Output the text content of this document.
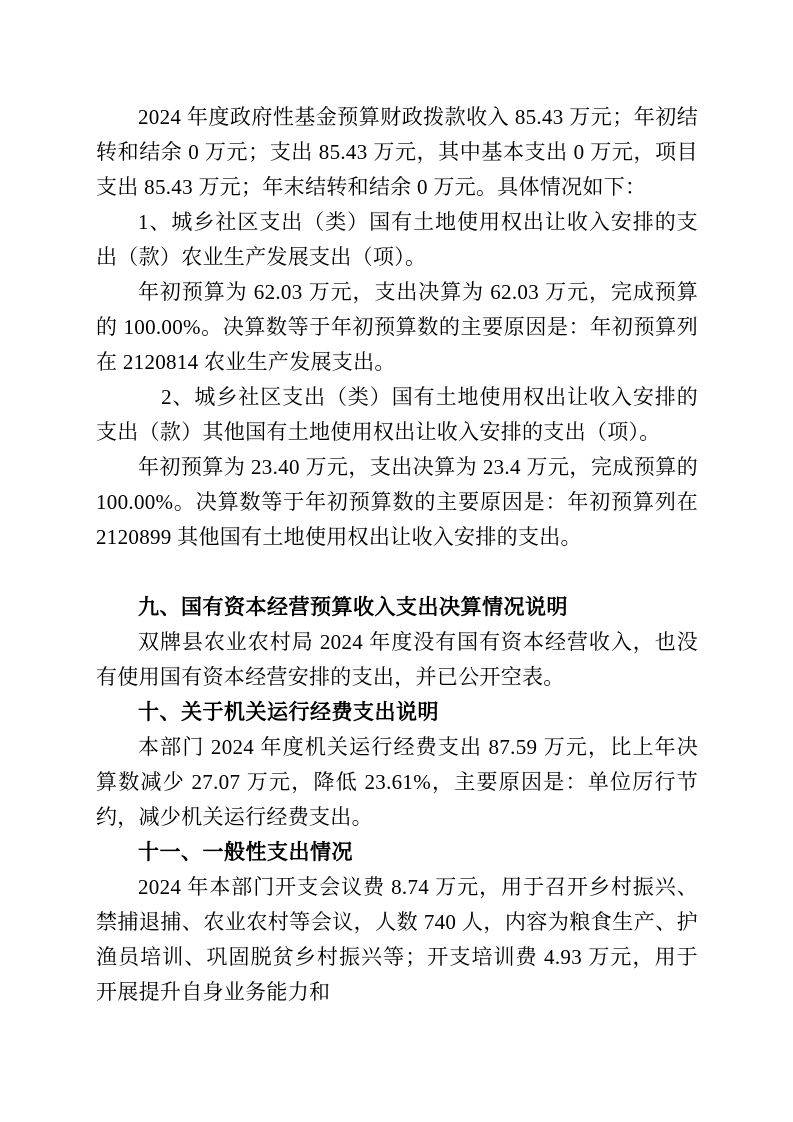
2024 年度政府性基金预算财政拨款收入 85.43 万元；年初结转和结余 0 万元；支出 85.43 万元，其中基本支出 0 万元，项目支出 85.43 万元；年末结转和结余 0 万元。具体情况如下：

1、城乡社区支出（类）国有土地使用权出让收入安排的支出（款）农业生产发展支出（项）。

年初预算为 62.03 万元，支出决算为 62.03 万元，完成预算的 100.00%。决算数等于年初预算数的主要原因是：年初预算列在 2120814 农业生产发展支出。

2、城乡社区支出（类）国有土地使用权出让收入安排的支出（款）其他国有土地使用权出让收入安排的支出（项）。

年初预算为 23.40 万元，支出决算为 23.4 万元，完成预算的 100.00%。决算数等于年初预算数的主要原因是：年初预算列在 2120899 其他国有土地使用权出让收入安排的支出。

九、国有资本经营预算收入支出决算情况说明

双牌县农业农村局 2024 年度没有国有资本经营收入，也没有使用国有资本经营安排的支出，并已公开空表。

十、关于机关运行经费支出说明

本部门 2024 年度机关运行经费支出 87.59 万元，比上年决算数减少 27.07 万元，降低 23.61%，主要原因是：单位厉行节约，减少机关运行经费支出。

十一、一般性支出情况

2024 年本部门开支会议费 8.74 万元，用于召开乡村振兴、禁捕退捕、农业农村等会议，人数 740 人，内容为粮食生产、护渔员培训、巩固脱贫乡村振兴等；开支培训费 4.93 万元，用于开展提升自身业务能力和
